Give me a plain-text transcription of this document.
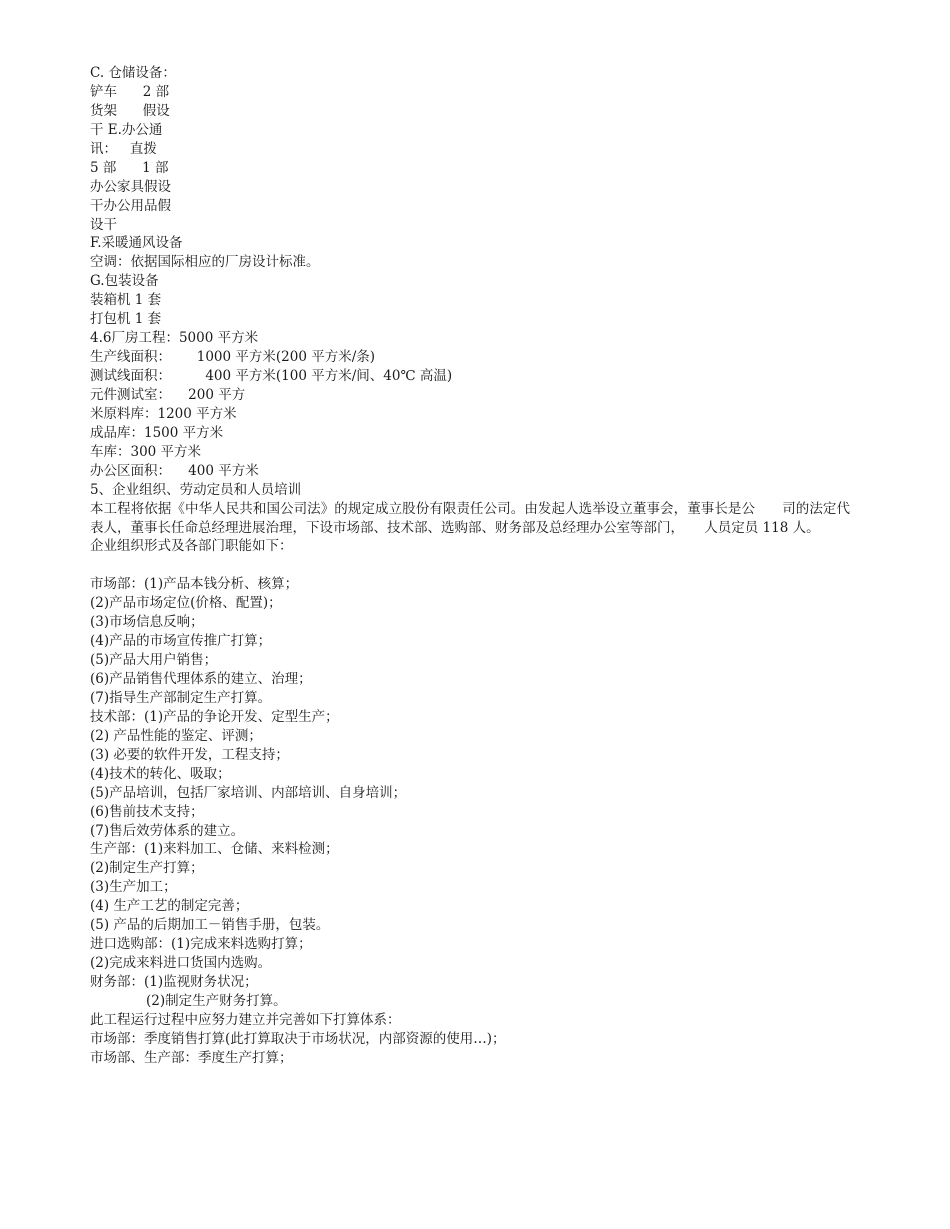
C. 仓储设备：
铲车      2 部
货架      假设
干 E.办公通
讯：   直拨
5 部      1 部
办公家具假设
干办公用品假
设干
F.采暖通风设备
空调：依据国际相应的厂房设计标准。
G.包装设备
装箱机 1 套
打包机 1 套
4.6厂房工程：5000 平方米
生产线面积：      1000 平方米(200 平方米/条)
测试线面积：        400 平方米(100 平方米/间、40℃ 高温)
元件测试室：    200 平方
米原料库：1200 平方米
成品库：1500 平方米
车库：300 平方米
办公区面积：    400 平方米
5、企业组织、劳动定员和人员培训
本工程将依据《中华人民共和国公司法》的规定成立股份有限责任公司。由发起人选举设立董事会，董事长是公　　司的法定代表人，董事长任命总经理进展治理，下设市场部、技术部、选购部、财务部及总经理办公室等部门，　　人员定员 118 人。
企业组织形式及各部门职能如下：
市场部：(1)产品本钱分析、核算；
(2)产品市场定位(价格、配置)；
(3)市场信息反响；
(4)产品的市场宣传推广打算；
(5)产品大用户销售；
(6)产品销售代理体系的建立、治理；
(7)指导生产部制定生产打算。
技术部：(1)产品的争论开发、定型生产；
(2) 产品性能的鉴定、评测；
(3) 必要的软件开发，工程支持；
(4)技术的转化、吸取；
(5)产品培训，包括厂家培训、内部培训、自身培训；
(6)售前技术支持；
(7)售后效劳体系的建立。
生产部：(1)来料加工、仓储、来料检测；
(2)制定生产打算；
(3)生产加工；
(4) 生产工艺的制定完善；
(5) 产品的后期加工－销售手册，包装。
进口选购部：(1)完成来料选购打算；
(2)完成来料进口货国内选购。
财务部：(1)监视财务状况；
(2)制定生产财务打算。
此工程运行过程中应努力建立并完善如下打算体系：
市场部：季度销售打算(此打算取决于市场状况，内部资源的使用…)；
市场部、生产部：季度生产打算；
